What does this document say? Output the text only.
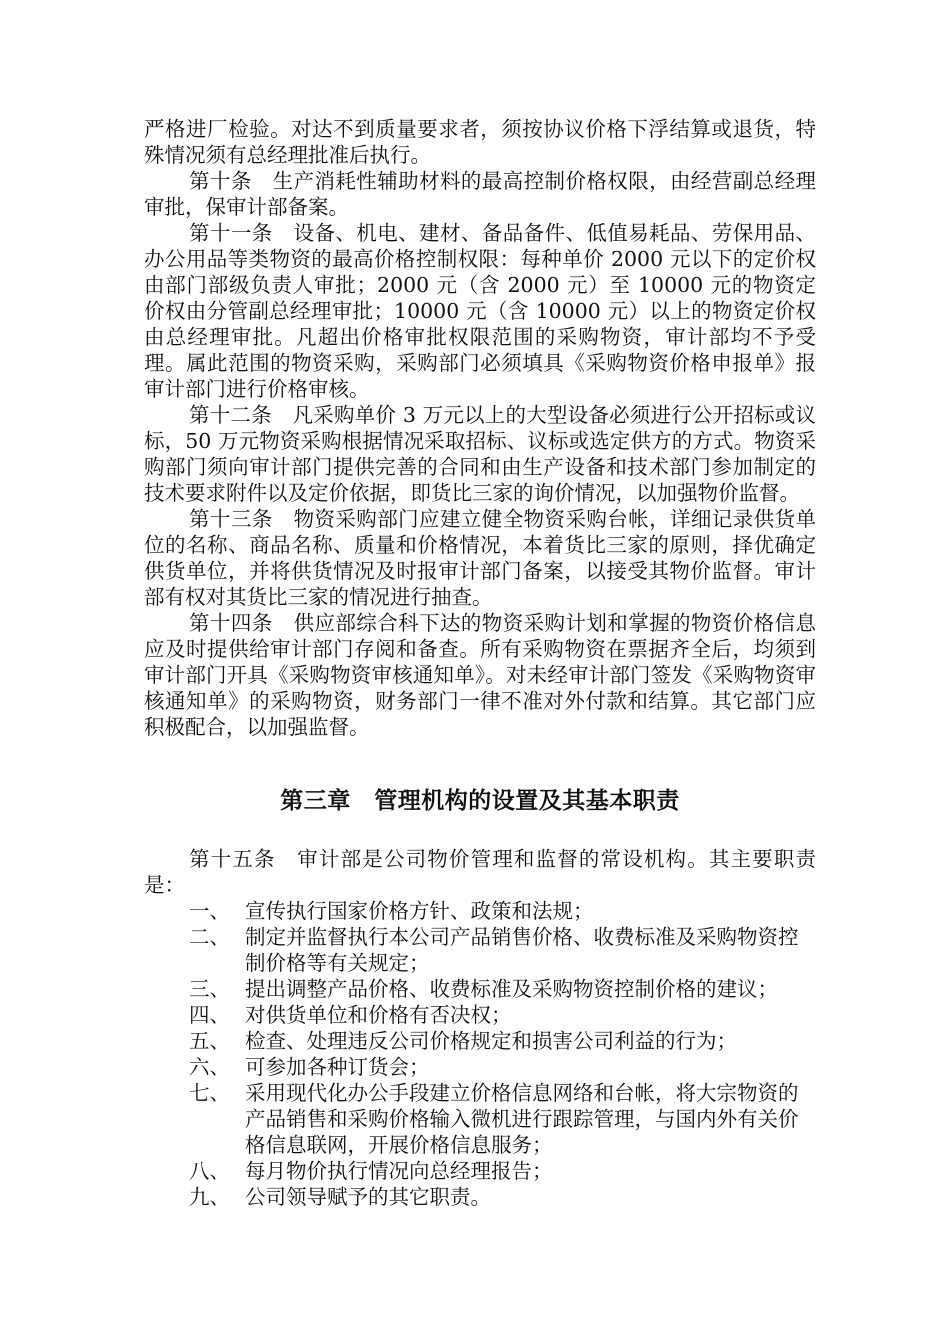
严格进厂检验。对达不到质量要求者，须按协议价格下浮结算或退货，特殊情况须有总经理批准后执行。

第十条　生产消耗性辅助材料的最高控制价格权限，由经营副总经理审批，保审计部备案。

第十一条　设备、机电、建材、备品备件、低值易耗品、劳保用品、办公用品等类物资的最高价格控制权限：每种单价 2000 元以下的定价权由部门部级负责人审批；2000 元（含 2000 元）至 10000 元的物资定价权由分管副总经理审批；10000 元（含 10000 元）以上的物资定价权由总经理审批。凡超出价格审批权限范围的采购物资，审计部均不予受理。属此范围的物资采购，采购部门必须填具《采购物资价格申报单》报审计部门进行价格审核。

第十二条　凡采购单价 3 万元以上的大型设备必须进行公开招标或议标，50 万元物资采购根据情况采取招标、议标或选定供方的方式。物资采购部门须向审计部门提供完善的合同和由生产设备和技术部门参加制定的技术要求附件以及定价依据，即货比三家的询价情况，以加强物价监督。

第十三条　物资采购部门应建立健全物资采购台帐，详细记录供货单位的名称、商品名称、质量和价格情况，本着货比三家的原则，择优确定供货单位，并将供货情况及时报审计部门备案，以接受其物价监督。审计部有权对其货比三家的情况进行抽查。

第十四条　供应部综合科下达的物资采购计划和掌握的物资价格信息应及时提供给审计部门存阅和备查。所有采购物资在票据齐全后，均须到审计部门开具《采购物资审核通知单》。对未经审计部门签发《采购物资审核通知单》的采购物资，财务部门一律不准对外付款和结算。其它部门应积极配合，以加强监督。

第三章　管理机构的设置及其基本职责

第十五条　审计部是公司物价管理和监督的常设机构。其主要职责是：

一、 宣传执行国家价格方针、政策和法规；
二、 制定并监督执行本公司产品销售价格、收费标准及采购物资控制价格等有关规定；
三、 提出调整产品价格、收费标准及采购物资控制价格的建议；
四、 对供货单位和价格有否决权；
五、 检查、处理违反公司价格规定和损害公司利益的行为；
六、 可参加各种订货会；
七、 采用现代化办公手段建立价格信息网络和台帐，将大宗物资的产品销售和采购价格输入微机进行跟踪管理，与国内外有关价格信息联网，开展价格信息服务；
八、 每月物价执行情况向总经理报告；
九、 公司领导赋予的其它职责。
